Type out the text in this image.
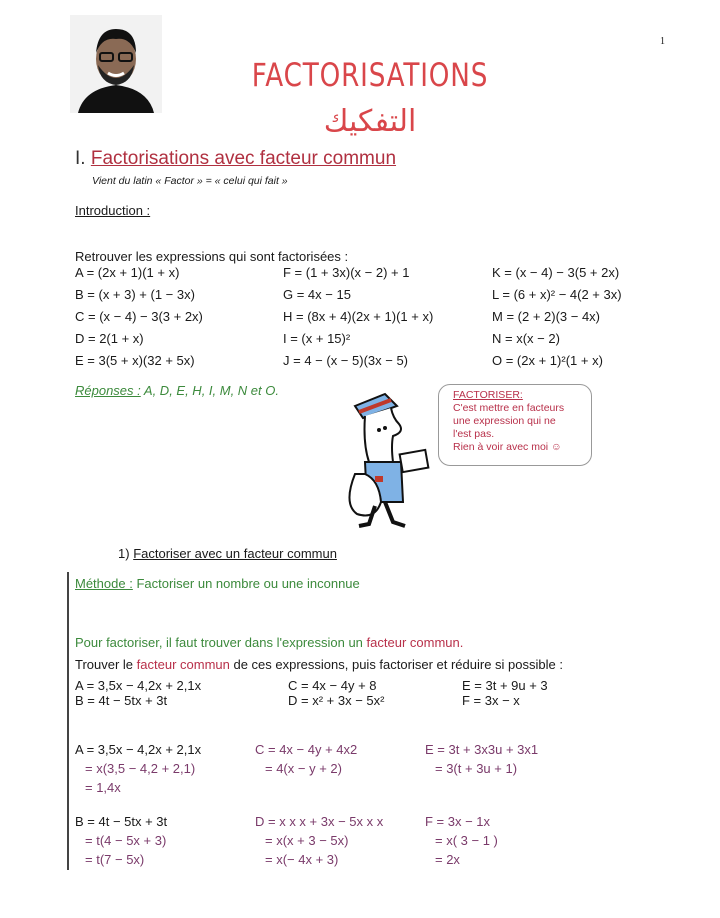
1
FACTORISATIONS
التفكيك
I. Factorisations avec facteur commun
Vient du latin « Factor » = « celui qui fait »
Introduction :
Retrouver les expressions qui sont factorisées :
Réponses : A, D, E, H, I, M, N et O.	FACTORISER:
C'est mettre en facteurs
une expression qui ne
l'est pas.
Rien à voir avec moi ☺
1) Factoriser avec un facteur commun
Méthode : Factoriser un nombre ou une inconnue
Pour factoriser, il faut trouver dans l'expression un facteur commun.
Trouver le facteur commun de ces expressions, puis factoriser et réduire si possible :
A = (2x + 1)(1 + x)	F = (1 + 3x)(x − 2) + 1	K = (x − 4) − 3(5 + 2x)
B = (x + 3) + (1 − 3x)	G = 4x − 15	L = (6 + x)² − 4(2 + 3x)
C = (x − 4) − 3(3 + 2x)	H = (8x + 4)(2x + 1)(1 + x)	M = (2 + 2)(3 − 4x)
D = 2(1 + x)	I = (x + 15)²	N = x(x − 2)
E = 3(5 + x)(32 + 5x)	J = 4 − (x − 5)(3x − 5)	O = (2x + 1)²(1 + x)
A = 3,5x − 4,2x + 2,1x	C = 4x − 4y + 8	E = 3t + 9u + 3
B = 4t − 5tx + 3t	D = x² + 3x − 5x²	F = 3x − x
A = 3,5x − 4,2x + 2,1x
= x(3,5 − 4,2 + 2,1)
= 1,4x
C = 4x − 4y + 4x2
= 4(x − y + 2)
E = 3t + 3x3u + 3x1
= 3(t + 3u + 1)
B = 4t − 5tx + 3t
= t(4 − 5x + 3)
= t(7 − 5x)
D = x x x + 3x − 5x x x
= x(x + 3 − 5x)
= x(− 4x + 3)
F = 3x − 1x
= x( 3 − 1 )
= 2x
